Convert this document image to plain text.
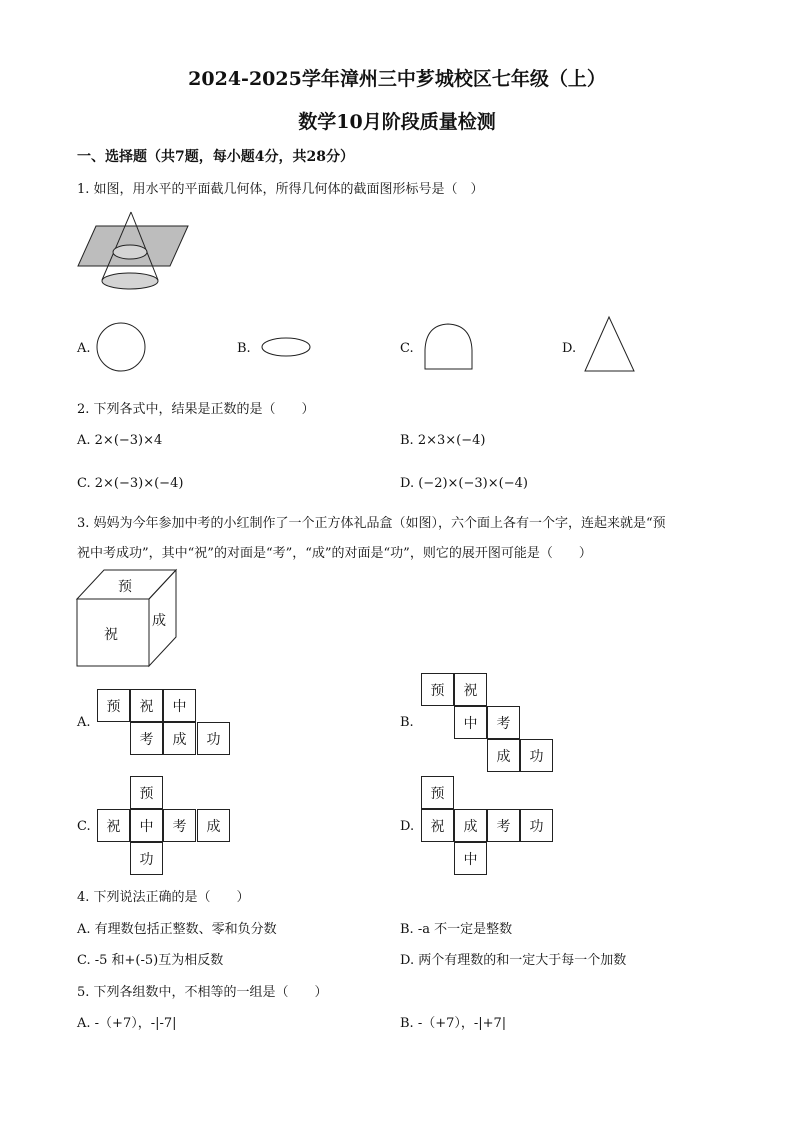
2024-2025学年漳州三中芗城校区七年级（上）
数学10月阶段质量检测
一、选择题（共7题，每小题4分，共28分）
1. 如图，用水平的平面截几何体，所得几何体的截面图形标号是（　）
A.	B.	C.	D.
2. 下列各式中，结果是正数的是（　　）
A. 2×(−3)×4	B. 2×3×(−4)
C. 2×(−3)×(−4)	D. (−2)×(−3)×(−4)
3. 妈妈为今年参加中考的小红制作了一个正方体礼品盒（如图），六个面上各有一个字，连起来就是“预
祝中考成功”，其中“祝”的对面是“考”，“成”的对面是“功”，则它的展开图可能是（　　）
预
祝
成
A.
预	祝	中
考	成	功
B.
预	祝
中	考
成	功
C.
预
祝	中	考	成
功
D.
预
祝	成	考	功
中
4. 下列说法正确的是（　　）
A. 有理数包括正整数、零和负分数	B. -a 不一定是整数
C. -5 和+(-5)互为相反数	D. 两个有理数的和一定大于每一个加数
5. 下列各组数中，不相等的一组是（　　）
A. -（+7），-|-7|	B. -（+7），-|+7|
